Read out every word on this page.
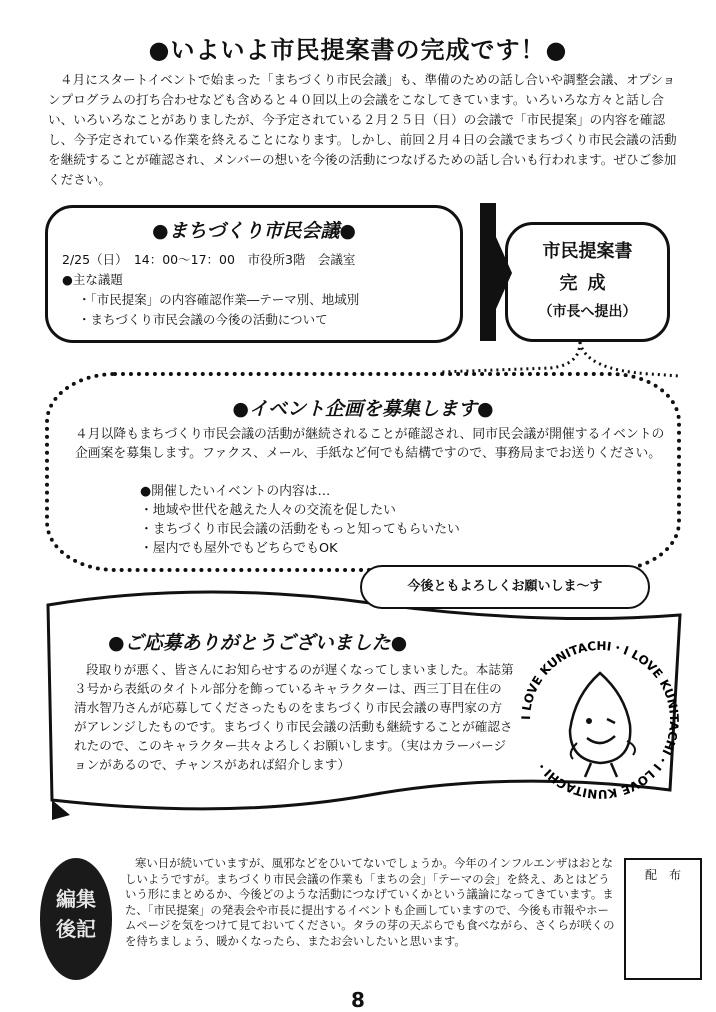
●いよいよ市民提案書の完成です！●
４月にスタートイベントで始まった「まちづくり市民会議」も、準備のための話し合いや調整会議、オプションプログラムの打ち合わせなども含めると４０回以上の会議をこなしてきています。いろいろな方々と話し合い、いろいろなことがありましたが、今予定されている２月２５日（日）の会議で「市民提案」の内容を確認し、今予定されている作業を終えることになります。しかし、前回２月４日の会議でまちづくり市民会議の活動を継続することが確認され、メンバーの想いを今後の活動につなげるための話し合いも行われます。ぜひご参加ください。
●まちづくり市民会議●
2/25（日）　14：00～17：00　市役所3階　会議室
●主な議題
・「市民提案」の内容確認作業―テーマ別、地域別
・まちづくり市民会議の今後の活動について
市民提案書
完成
（市長へ提出）
●イベント企画を募集します●
４月以降もまちづくり市民会議の活動が継続されることが確認され、同市民会議が開催するイベントの企画案を募集します。ファクス、メール、手紙など何でも結構ですので、事務局までお送りください。
●開催したいイベントの内容は…
・地域や世代を越えた人々の交流を促したい
・まちづくり市民会議の活動をもっと知ってもらいたい
・屋内でも屋外でもどちらでもOK
今後ともよろしくお願いしま～す
●ご応募ありがとうございました●
段取りが悪く、皆さんにお知らせするのが遅くなってしまいました。本誌第３号から表紙のタイトル部分を飾っているキャラクターは、西三丁目在住の清水智乃さんが応募してくださったものをまちづくり市民会議の専門家の方がアレンジしたものです。まちづくり市民会議の活動も継続することが確認されたので、このキャラクター共々よろしくお願いします。（実はカラーバージョンがあるので、チャンスがあれば紹介します）
I LOVE KUNITACHI・I LOVE KUNITACHI・I LOVE KUNITACHI・
編集
後記
寒い日が続いていますが、風邪などをひいてないでしょうか。今年のインフルエンザはおとなしいようですが。まちづくり市民会議の作業も「まちの会」「テーマの会」を終え、あとはどういう形にまとめるか、今後どのような活動につなげていくかという議論になってきています。また、「市民提案」の発表会や市長に提出するイベントも企画していますので、今後も市報やホームページを気をつけて見ておいてください。タラの芽の天ぷらでも食べながら、さくらが咲くのを待ちましょう、暖かくなったら、またお会いしたいと思います。
配　布
8
